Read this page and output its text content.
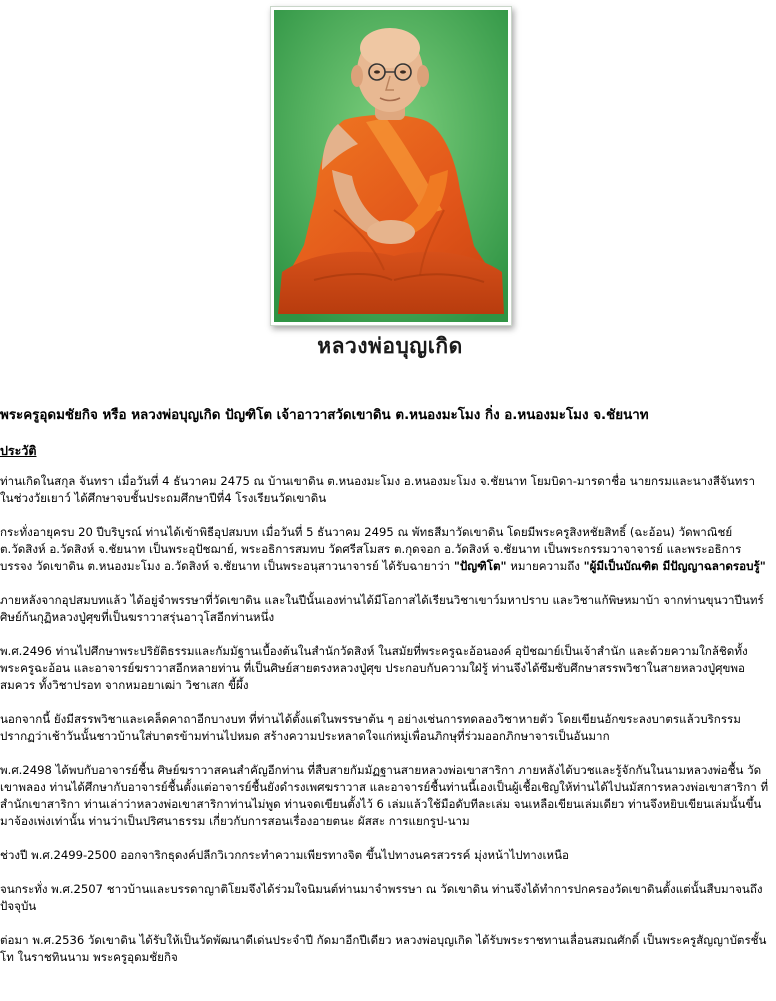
หลวงพ่อบุญเกิด
พระครูอุดมชัยกิจ หรือ หลวงพ่อบุญเกิด ปัญฑิโต เจ้าอาวาสวัดเขาดิน ต.หนองมะโมง กิ่ง อ.หนองมะโมง จ.ชัยนาท
ประวัติ
ท่านเกิดในสกุล จันทรา เมื่อวันที่ 4 ธันวาคม 2475 ณ บ้านเขาดิน ต.หนองมะโมง อ.หนองมะโมง จ.ชัยนาท โยมบิดา-มารดาชื่อ นายกรมและนางสีจันทรา ในช่วงวัยเยาว์ ได้ศึกษาจบชั้นประถมศึกษาปีที่4 โรงเรียนวัดเขาดิน
กระทั่งอายุครบ 20 ปีบริบูรณ์ ท่านได้เข้าพิธีอุปสมบท เมื่อวันที่ 5 ธันวาคม 2495 ณ พัทธสีมาวัดเขาดิน โดยมีพระครูสิงหชัยสิทธิ์ (ฉะอ้อน) วัดพาณิชย์ ต.วัดสิงห์ อ.วัดสิงห์ จ.ชัยนาท เป็นพระอุปัชฌาย์, พระอธิการสมทบ วัดศรีสโมสร ต.กุดจอก อ.วัดสิงห์ จ.ชัยนาท เป็นพระกรรมวาจาจารย์ และพระอธิการบรรจง วัดเขาดิน ต.หนองมะโมง อ.วัดสิงห์ จ.ชัยนาท เป็นพระอนุสาวนาจารย์ ได้รับฉายาว่า "ปัญฑิโต" หมายความถึง "ผู้มีเป็นบัณฑิต มีปัญญาฉลาดรอบรู้"
ภายหลังจากอุปสมบทแล้ว ได้อยู่จำพรรษาที่วัดเขาดิน และในปีนั้นเองท่านได้มีโอกาสได้เรียนวิชาเขาว์มหาปราบ และวิชาแก้พิษหมาบ้า จากท่านขุนวาปีนทร์ ศิษย์ก้นกุฏิหลวงปู่ศุขที่เป็นฆราวาสรุ่นอาวุโสอีกท่านหนึ่ง
พ.ศ.2496 ท่านไปศึกษาพระปริยัติธรรมและกัมมัฐานเบื้องต้นในสำนักวัดสิงห์ ในสมัยที่พระครูฉะอ้อนองค์ อุปัชฌาย์เป็นเจ้าสำนัก และด้วยความใกล้ชิดทั้งพระครูฉะอ้อน และอาจารย์ฆราวาสอีกหลายท่าน ที่เป็นศิษย์สายตรงหลวงปู่ศุข ประกอบกับความใฝ่รู้ ท่านจึงได้ซึมซับศึกษาสรรพวิชาในสายหลวงปู่ศุขพอสมควร ทั้งวิชาปรอท จากหมอยาเฒ่า วิชาเสก ขี้ผึ้ง
นอกจากนี้ ยังมีสรรพวิชาและเคล็ดคาถาอีกบางบท ที่ท่านได้ตั้งแต่ในพรรษาต้น ๆ อย่างเช่นการทดลองวิชาหายตัว โดยเขียนอักขระลงบาตรแล้วบริกรรม ปรากฏว่าเช้าวันนั้นชาวบ้านใส่บาตรข้ามท่านไปหมด สร้างความประหลาดใจแก่หมู่เพื่อนภิกษุที่ร่วมออกภิกษาจารเป็นอันมาก
พ.ศ.2498 ได้พบกับอาจารย์ชื้น ศิษย์ฆราวาสคนสำคัญอีกท่าน ที่สืบสายกัมมัฏฐานสายหลวงพ่อเขาสาริกา ภายหลังได้บวชและรู้จักกันในนามหลวงพ่อชื้น วัดเขาพลอง ท่านได้ศึกษากับอาจารย์ชื้นตั้งแต่อาจารย์ชื้นยังดำรงเพศฆราวาส และอาจารย์ชื้นท่านนี้เองเป็นผู้เชื้อเชิญให้ท่านได้ไปนมัสการหลวงพ่อเขาสาริกา ที่สำนักเขาสาริกา ท่านเล่าว่าหลวงพ่อเขาสาริกาท่านไม่พูด ท่านจดเขียนตั้งไว้ 6 เล่มแล้วใช้มือดับทีละเล่ม จนเหลือเขียนเล่มเดียว ท่านจึงหยิบเขียนเล่มนั้นขึ้นมาจ้องเพ่งเท่านั้น ท่านว่าเป็นปริศนาธรรม เกี่ยวกับการสอนเรื่องอายตนะ ผัสสะ การแยกรูป-นาม
ช่วงปี พ.ศ.2499-2500 ออกจาริกธุดงค์ปลีกวิเวกกระทำความเพียรทางจิต ขึ้นไปทางนครสวรรค์ มุ่งหน้าไปทางเหนือ
จนกระทั่ง พ.ศ.2507 ชาวบ้านและบรรดาญาติโยมจึงได้ร่วมใจนิมนต์ท่านมาจำพรรษา ณ วัดเขาดิน ท่านจึงได้ทำการปกครองวัดเขาดินตั้งแต่นั้นสืบมาจนถึงปัจจุบัน
ต่อมา พ.ศ.2536 วัดเขาดิน ได้รับให้เป็นวัดพัฒนาดีเด่นประจำปี กัดมาอีกปีเดียว หลวงพ่อบุญเกิด ได้รับพระราชทานเลื่อนสมณศักดิ์ เป็นพระครูสัญญาบัตรชั้นโท ในราชทินนาม พระครูอุดมชัยกิจ
